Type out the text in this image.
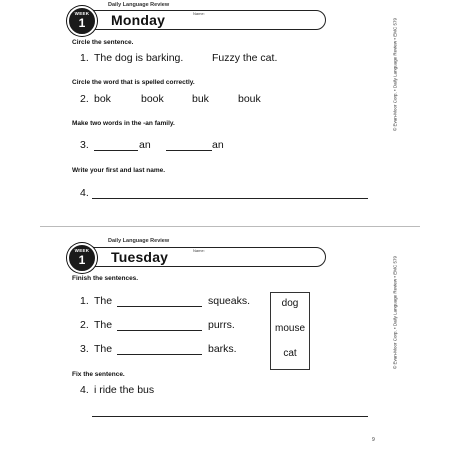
WEEK
1	Monday
Daily Language Review
Name:
Circle the sentence.
1. The dog is barking.	Fuzzy the cat.
Circle the word that is spelled correctly.
2. bok	book	buk	bouk
Make two words in the -an family.
3.	an	an
Write your first and last name.
4.
WEEK
1	Tuesday
Daily Language Review
Name:
Finish the sentences.
1. The	squeaks.
2. The	purrs.
3. The	barks.
dog
mouse
cat
Fix the sentence.
4. i ride the bus
© Evan-Moor Corp. • Daily Language Review • EMC 579
© Evan-Moor Corp. • Daily Language Review • EMC 579
9
